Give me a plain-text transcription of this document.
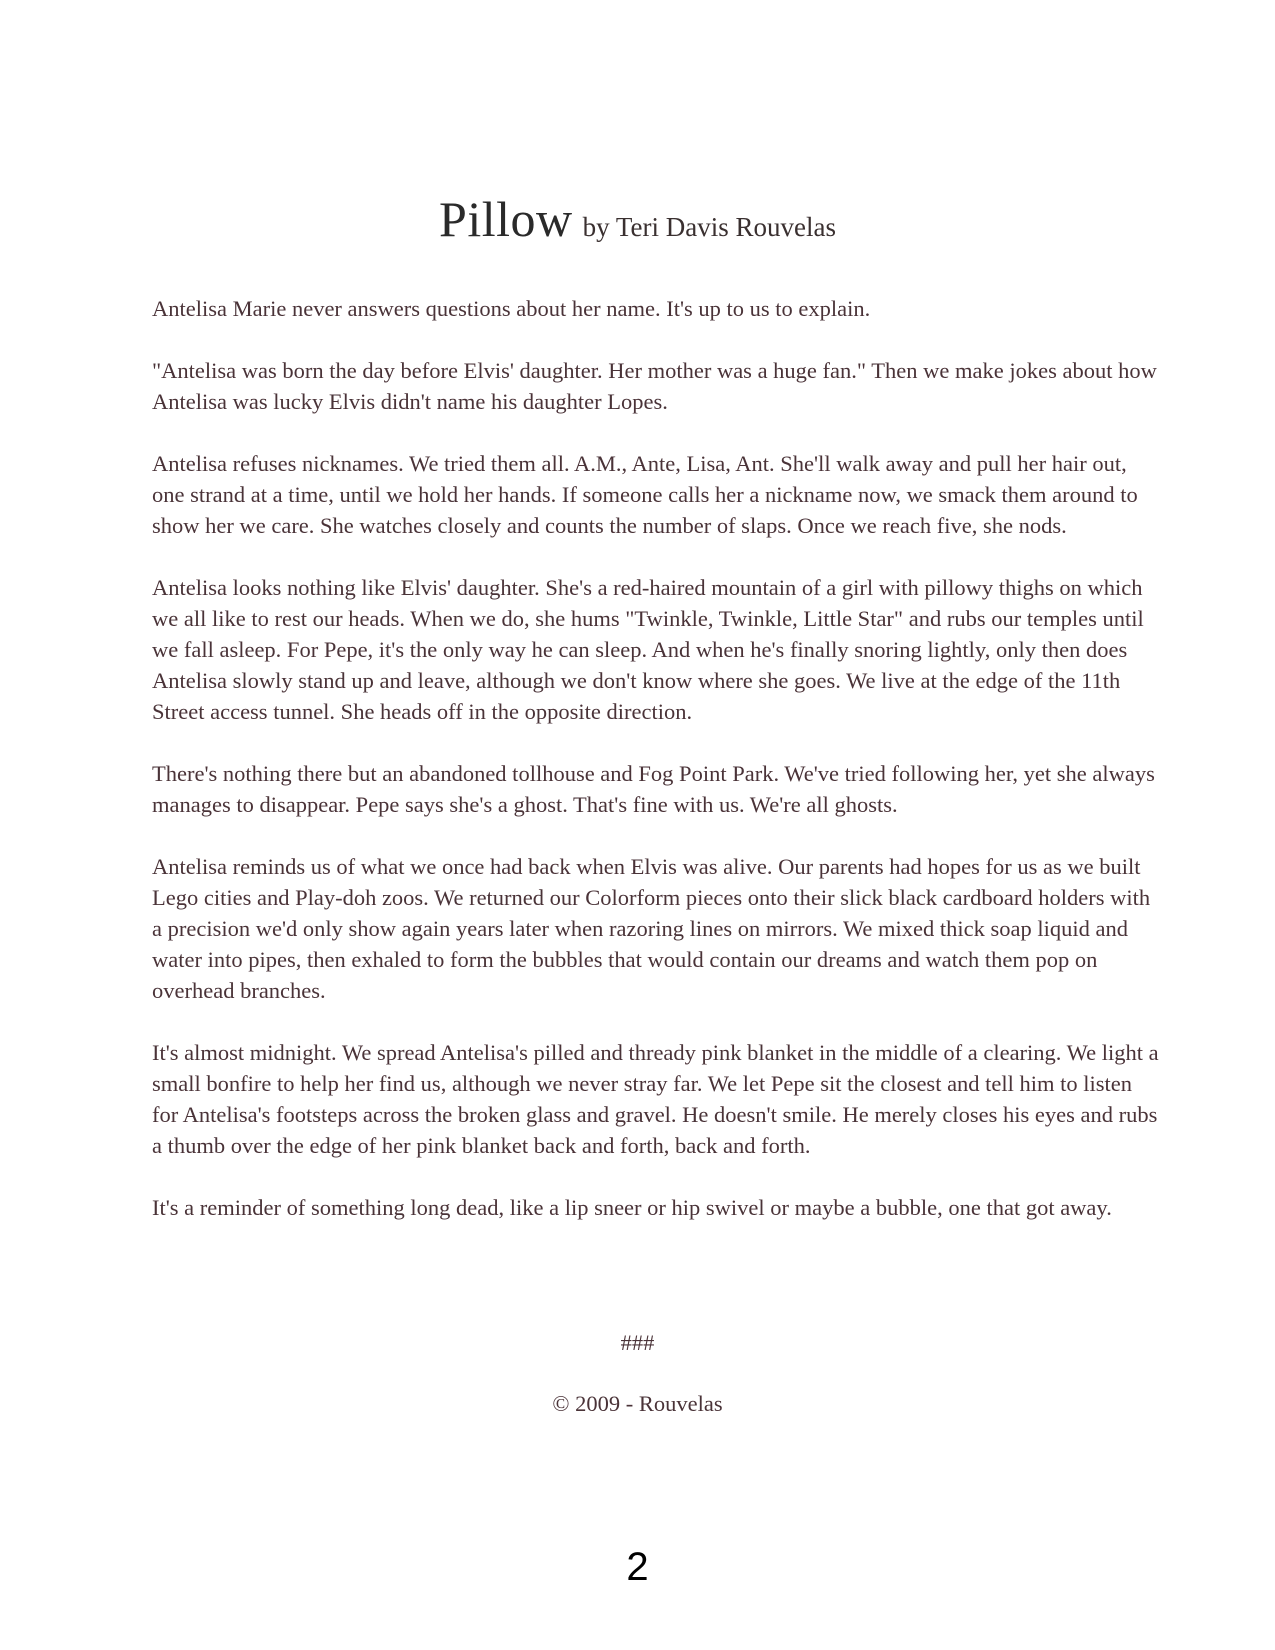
Pillow by Teri Davis Rouvelas

Antelisa Marie never answers questions about her name. It's up to us to explain.

"Antelisa was born the day before Elvis' daughter. Her mother was a huge fan." Then we make jokes about how Antelisa was lucky Elvis didn't name his daughter Lopes.

Antelisa refuses nicknames. We tried them all. A.M., Ante, Lisa, Ant. She'll walk away and pull her hair out, one strand at a time, until we hold her hands. If someone calls her a nickname now, we smack them around to show her we care. She watches closely and counts the number of slaps. Once we reach five, she nods.

Antelisa looks nothing like Elvis' daughter. She's a red-haired mountain of a girl with pillowy thighs on which we all like to rest our heads. When we do, she hums "Twinkle, Twinkle, Little Star" and rubs our temples until we fall asleep. For Pepe, it's the only way he can sleep. And when he's finally snoring lightly, only then does Antelisa slowly stand up and leave, although we don't know where she goes. We live at the edge of the 11th Street access tunnel. She heads off in the opposite direction.

There's nothing there but an abandoned tollhouse and Fog Point Park. We've tried following her, yet she always manages to disappear. Pepe says she's a ghost. That's fine with us. We're all ghosts.

Antelisa reminds us of what we once had back when Elvis was alive. Our parents had hopes for us as we built Lego cities and Play-doh zoos. We returned our Colorform pieces onto their slick black cardboard holders with a precision we'd only show again years later when razoring lines on mirrors. We mixed thick soap liquid and water into pipes, then exhaled to form the bubbles that would contain our dreams and watch them pop on overhead branches.

It's almost midnight. We spread Antelisa's pilled and thready pink blanket in the middle of a clearing. We light a small bonfire to help her find us, although we never stray far. We let Pepe sit the closest and tell him to listen for Antelisa's footsteps across the broken glass and gravel. He doesn't smile. He merely closes his eyes and rubs a thumb over the edge of her pink blanket back and forth, back and forth.

It's a reminder of something long dead, like a lip sneer or hip swivel or maybe a bubble, one that got away.

###
© 2009 - Rouvelas
2
